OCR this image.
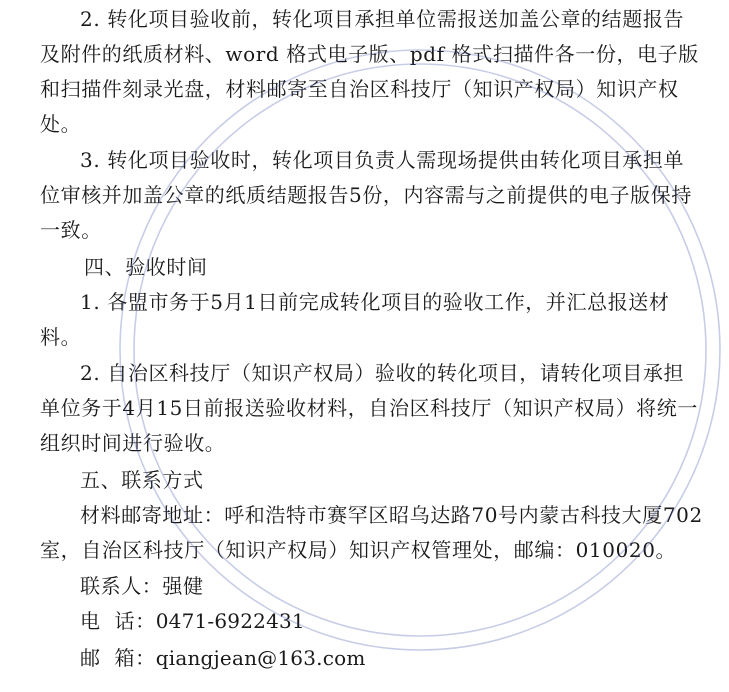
2. 转化项目验收前，转化项目承担单位需报送加盖公章的结题报告
及附件的纸质材料、word 格式电子版、pdf 格式扫描件各一份，电子版
和扫描件刻录光盘，材料邮寄至自治区科技厅（知识产权局）知识产权
处。
3. 转化项目验收时，转化项目负责人需现场提供由转化项目承担单
位审核并加盖公章的纸质结题报告5份，内容需与之前提供的电子版保持
一致。
四、验收时间
1. 各盟市务于5月1日前完成转化项目的验收工作，并汇总报送材
料。
2. 自治区科技厅（知识产权局）验收的转化项目，请转化项目承担
单位务于4月15日前报送验收材料，自治区科技厅（知识产权局）将统一
组织时间进行验收。
五、联系方式
材料邮寄地址：呼和浩特市赛罕区昭乌达路70号内蒙古科技大厦702
室，自治区科技厅（知识产权局）知识产权管理处，邮编：010020。
联系人：强健
电  话：0471-6922431
邮  箱：qiangjean@163.com
